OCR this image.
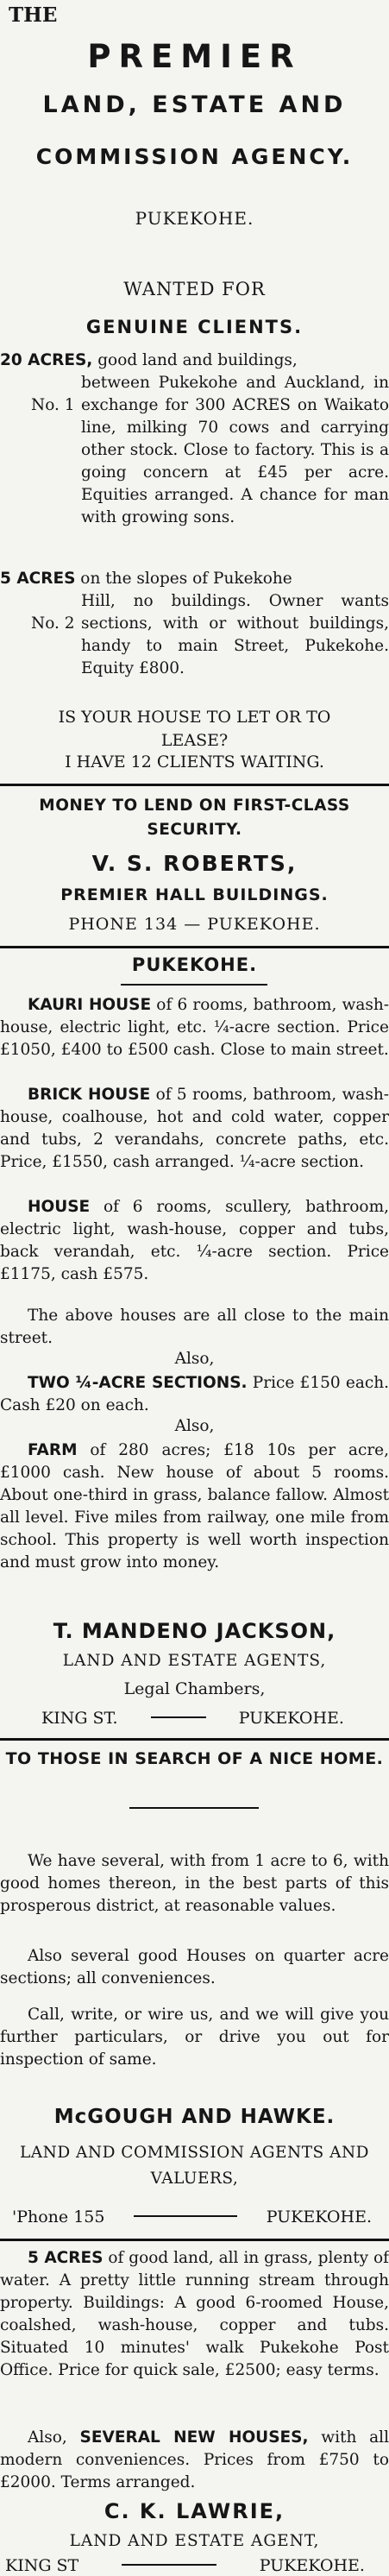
THE
PREMIER
LAND, ESTATE AND
COMMISSION AGENCY.
PUKEKOHE.
WANTED FOR
GENUINE CLIENTS.
20 ACRES, good land and buildings,
No. 1
between Pukekohe and Auckland, in exchange for 300 ACRES on Waikato line, milking 70 cows and carrying other stock. Close to factory. This is a going concern at £45 per acre. Equities arranged. A chance for man with growing sons.
5 ACRES on the slopes of Pukekohe
No. 2
Hill, no buildings. Owner wants sections, with or without buildings, handy to main Street, Pukekohe. Equity £800.
IS YOUR HOUSE TO LET OR TO LEASE?
I HAVE 12 CLIENTS WAITING.
MONEY TO LEND ON FIRST-CLASS SECURITY.
V. S. ROBERTS,
PREMIER HALL BUILDINGS.
PHONE 134 — PUKEKOHE.
PUKEKOHE.
KAURI HOUSE of 6 rooms, bathroom, wash-house, electric light, etc. ¼-acre section. Price £1050, £400 to £500 cash. Close to main street.
BRICK HOUSE of 5 rooms, bathroom, wash-house, coalhouse, hot and cold water, copper and tubs, 2 verandahs, concrete paths, etc. Price, £1550, cash arranged. ¼-acre section.
HOUSE of 6 rooms, scullery, bathroom, electric light, wash-house, copper and tubs, back verandah, etc. ¼-acre section. Price £1175, cash £575.
The above houses are all close to the main street.
Also,
TWO ¼-ACRE SECTIONS. Price £150 each. Cash £20 on each.
Also,
FARM of 280 acres; £18 10s per acre, £1000 cash. New house of about 5 rooms. About one-third in grass, balance fallow. Almost all level. Five miles from railway, one mile from school. This property is well worth inspection and must grow into money.
T. MANDENO JACKSON,
LAND AND ESTATE AGENTS,
Legal Chambers,
KING ST.	PUKEKOHE.
TO THOSE IN SEARCH OF A NICE HOME.
We have several, with from 1 acre to 6, with good homes thereon, in the best parts of this prosperous district, at reasonable values.
Also several good Houses on quarter acre sections; all conveniences.
Call, write, or wire us, and we will give you further particulars, or drive you out for inspection of same.
McGOUGH AND HAWKE.
LAND AND COMMISSION AGENTS AND VALUERS,
'Phone 155	PUKEKOHE.
5 ACRES of good land, all in grass, plenty of water. A pretty little running stream through property. Buildings: A good 6-roomed House, coalshed, wash-house, copper and tubs. Situated 10 minutes' walk Pukekohe Post Office. Price for quick sale, £2500; easy terms.
Also, SEVERAL NEW HOUSES, with all modern conveniences. Prices from £750 to £2000. Terms arranged.
C. K. LAWRIE,
LAND AND ESTATE AGENT,
KING ST	PUKEKOHE.
